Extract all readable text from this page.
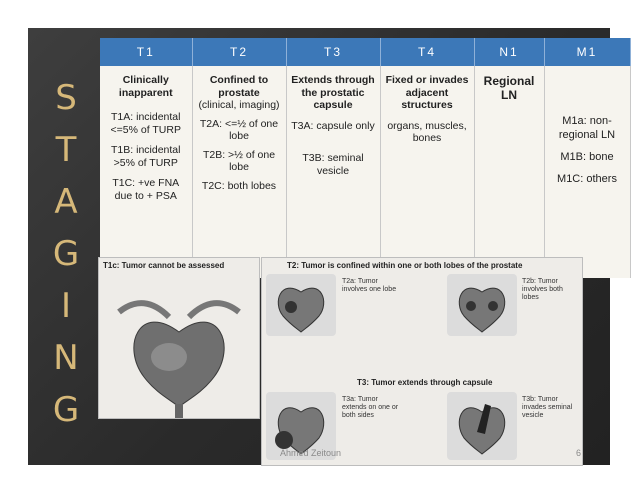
S
T
A
G
I
N
G
T1	T2	T3	T4	N1	M1

Clinically inapparent
T1A: incidental <=5% of TURP
T1B: incidental >5% of TURP
T1C: +ve FNA due to + PSA	Confined to prostate
(clinical, imaging)
T2A: <=½ of one lobe
T2B: >½ of one lobe
T2C: both lobes	Extends through the prostatic capsule
T3A: capsule only
T3B: seminal vesicle	Fixed or invades adjacent structures
organs, muscles, bones	Regional LN	M1a: non-regional LN
M1B: bone
M1C: others
T1c: Tumor cannot be assessed	T2: Tumor is confined within one or both lobes of the prostate
T2a: Tumor involves one lobe
T2b: Tumor involves both lobes
T3: Tumor extends through capsule
T3a: Tumor extends on one or both sides
T3b: Tumor invades seminal vesicle
Ahmed Zeitoun	6
